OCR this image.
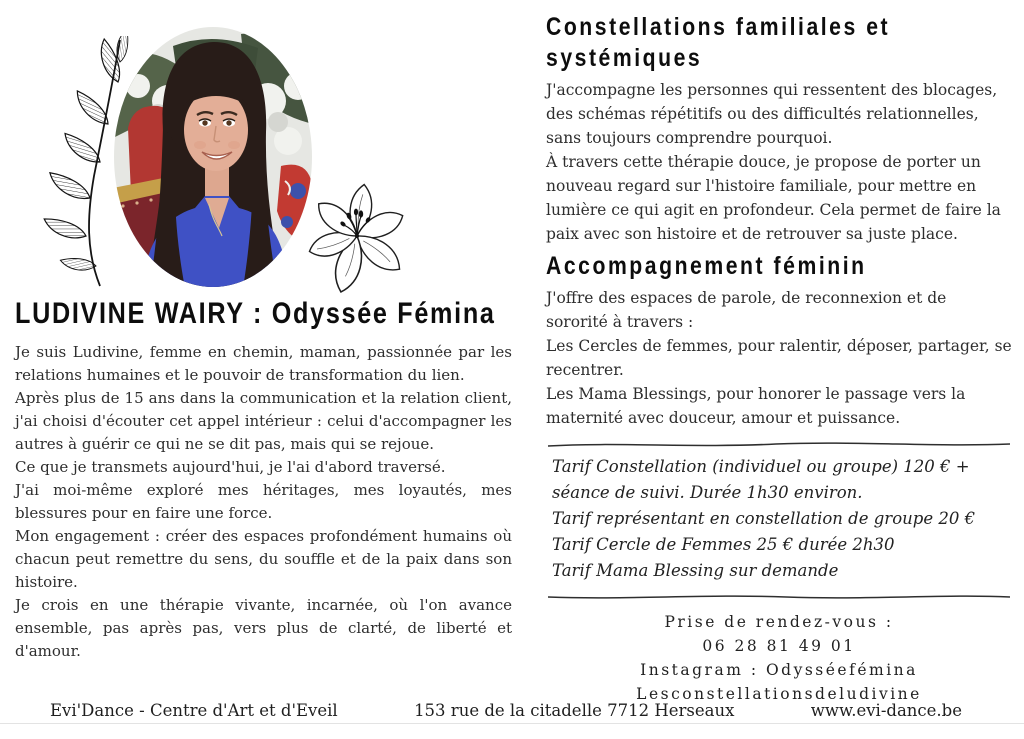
LUDIVINE WAIRY : Odyssée Fémina

Je suis Ludivine, femme en chemin, maman, passionnée par les relations humaines et le pouvoir de transformation du lien.

Après plus de 15 ans dans la communication et la relation client, j'ai choisi d'écouter cet appel intérieur : celui d'accompagner les autres à guérir ce qui ne se dit pas, mais qui se rejoue.

Ce que je transmets aujourd'hui, je l'ai d'abord traversé.

J'ai moi-même exploré mes héritages, mes loyautés, mes blessures pour en faire une force.

Mon engagement : créer des espaces profondément humains où chacun peut remettre du sens, du souffle et de la paix dans son histoire.

Je crois en une thérapie vivante, incarnée, où l'on avance ensemble, pas après pas, vers plus de clarté, de liberté et d'amour.

Constellations familiales et systémiques

J'accompagne les personnes qui ressentent des blocages, des schémas répétitifs ou des difficultés relationnelles, sans toujours comprendre pourquoi.

À travers cette thérapie douce, je propose de porter un nouveau regard sur l'histoire familiale, pour mettre en lumière ce qui agit en profondeur. Cela permet de faire la paix avec son histoire et de retrouver sa juste place.

Accompagnement féminin

J'offre des espaces de parole, de reconnexion et de sororité à travers :

Les Cercles de femmes, pour ralentir, déposer, partager, se recentrer.

Les Mama Blessings, pour honorer le passage vers la maternité avec douceur, amour et puissance.

Tarif Constellation (individuel ou groupe) 120 € + séance de suivi. Durée 1h30 environ.

Tarif représentant en constellation de groupe 20 €

Tarif Cercle de Femmes 25 € durée 2h30

Tarif Mama Blessing sur demande

Prise de rendez-vous :

06 28 81 49 01

Instagram : Odysséefémina

Lesconstellationsdeludivine

Evi'Dance - Centre d'Art et d'Eveil	153 rue de la citadelle 7712 Herseaux	www.evi-dance.be
